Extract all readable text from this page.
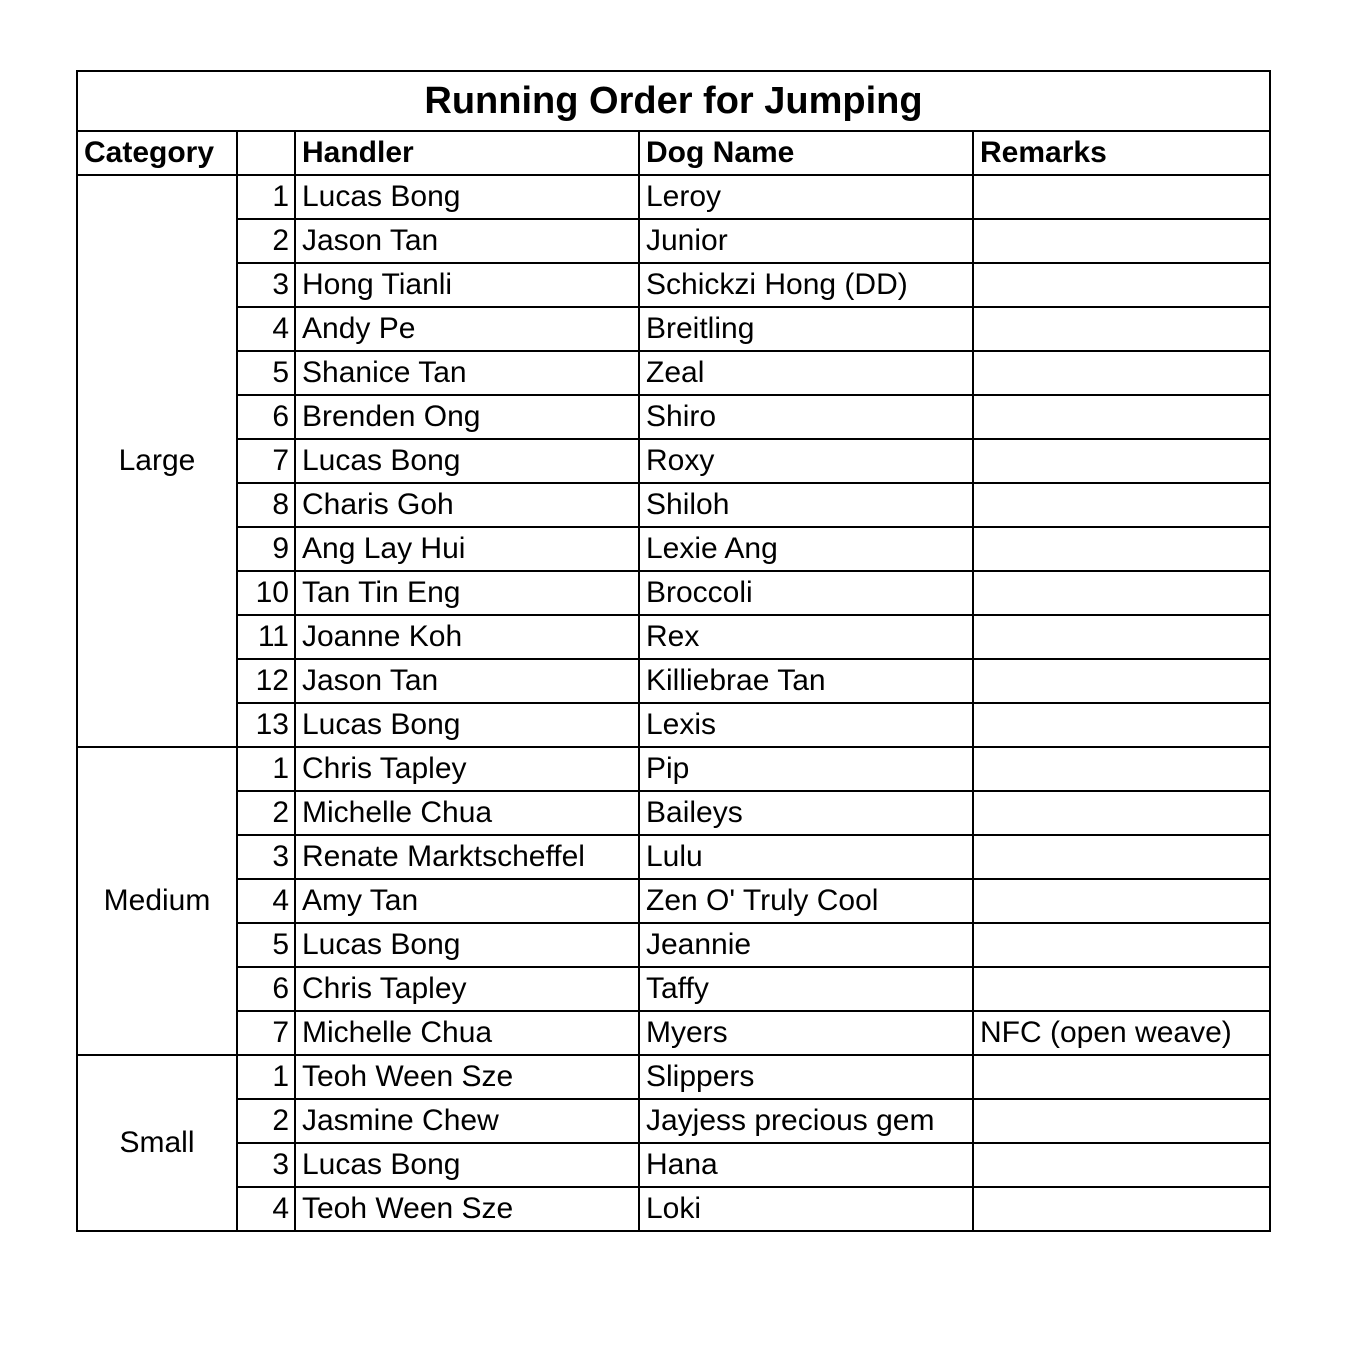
Running Order for Jumping				
Category		Handler	Dog Name	Remarks
Large	1	Lucas Bong	Leroy	
	2	Jason Tan	Junior	
	3	Hong Tianli	Schickzi Hong (DD)	
	4	Andy Pe	Breitling	
	5	Shanice Tan	Zeal	
	6	Brenden Ong	Shiro	
	7	Lucas Bong	Roxy	
	8	Charis Goh	Shiloh	
	9	Ang Lay Hui	Lexie Ang	
	10	Tan Tin Eng	Broccoli	
	11	Joanne Koh	Rex	
	12	Jason Tan	Killiebrae Tan	
	13	Lucas Bong	Lexis	
Medium	1	Chris Tapley	Pip	
	2	Michelle Chua	Baileys	
	3	Renate Marktscheffel	Lulu	
	4	Amy Tan	Zen O' Truly Cool	
	5	Lucas Bong	Jeannie	
	6	Chris Tapley	Taffy	
	7	Michelle Chua	Myers	NFC (open weave)
Small	1	Teoh Ween Sze	Slippers	
	2	Jasmine Chew	Jayjess precious gem	
	3	Lucas Bong	Hana	
	4	Teoh Ween Sze	Loki	
